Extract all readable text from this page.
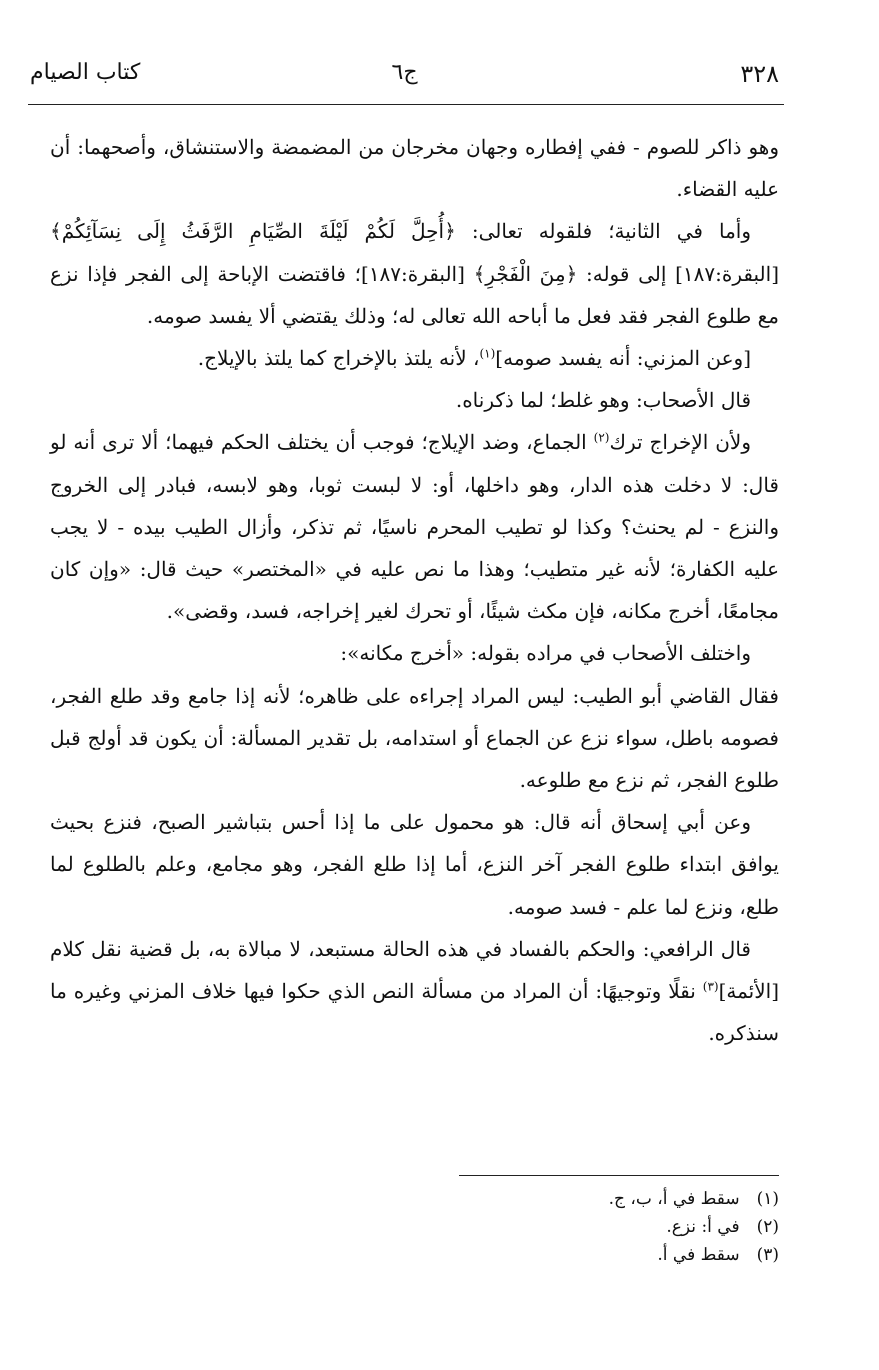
٣٢٨
ج٦
كتاب الصيام

وهو ذاكر للصوم - ففي إفطاره وجهان مخرجان من المضمضة والاستنشاق، وأصحهما: أن عليه القضاء.

وأما في الثانية؛ فلقوله تعالى: ﴿أُحِلَّ لَكُمْ لَيْلَةَ الصِّيَامِ الرَّفَثُ إِلَى نِسَآئِكُمْ﴾ [البقرة:١٨٧] إلى قوله: ﴿مِنَ الْفَجْرِ﴾ [البقرة:١٨٧]؛ فاقتضت الإباحة إلى الفجر فإذا نزع مع طلوع الفجر فقد فعل ما أباحه الله تعالى له؛ وذلك يقتضي ألا يفسد صومه.

[وعن المزني: أنه يفسد صومه]$^{(١)}$، لأنه يلتذ بالإخراج كما يلتذ بالإيلاج.

قال الأصحاب: وهو غلط؛ لما ذكرناه.

ولأن الإخراج ترك$^{(٢)}$ الجماع، وضد الإيلاج؛ فوجب أن يختلف الحكم فيهما؛ ألا ترى أنه لو قال: لا دخلت هذه الدار، وهو داخلها، أو: لا لبست ثوبا، وهو لابسه، فبادر إلى الخروج والنزع - لم يحنث؟ وكذا لو تطيب المحرم ناسيًا، ثم تذكر، وأزال الطيب بيده - لا يجب عليه الكفارة؛ لأنه غير متطيب؛ وهذا ما نص عليه في «المختصر» حيث قال: «وإن كان مجامعًا، أخرج مكانه، فإن مكث شيئًا، أو تحرك لغير إخراجه، فسد، وقضى».

واختلف الأصحاب في مراده بقوله: «أخرج مكانه»:

فقال القاضي أبو الطيب: ليس المراد إجراءه على ظاهره؛ لأنه إذا جامع وقد طلع الفجر، فصومه باطل، سواء نزع عن الجماع أو استدامه، بل تقدير المسألة: أن يكون قد أولج قبل طلوع الفجر، ثم نزع مع طلوعه.

وعن أبي إسحاق أنه قال: هو محمول على ما إذا أحس بتباشير الصبح، فنزع بحيث يوافق ابتداء طلوع الفجر آخر النزع، أما إذا طلع الفجر، وهو مجامع، وعلم بالطلوع لما طلع، ونزع لما علم - فسد صومه.

قال الرافعي: والحكم بالفساد في هذه الحالة مستبعد، لا مبالاة به، بل قضية نقل كلام [الأئمة]$^{(٣)}$ نقلًا وتوجيهًا: أن المراد من مسألة النص الذي حكوا فيها خلاف المزني وغيره ما سنذكره.

(١) سقط في أ، ب، ج.
(٢) في أ: نزع.
(٣) سقط في أ.
